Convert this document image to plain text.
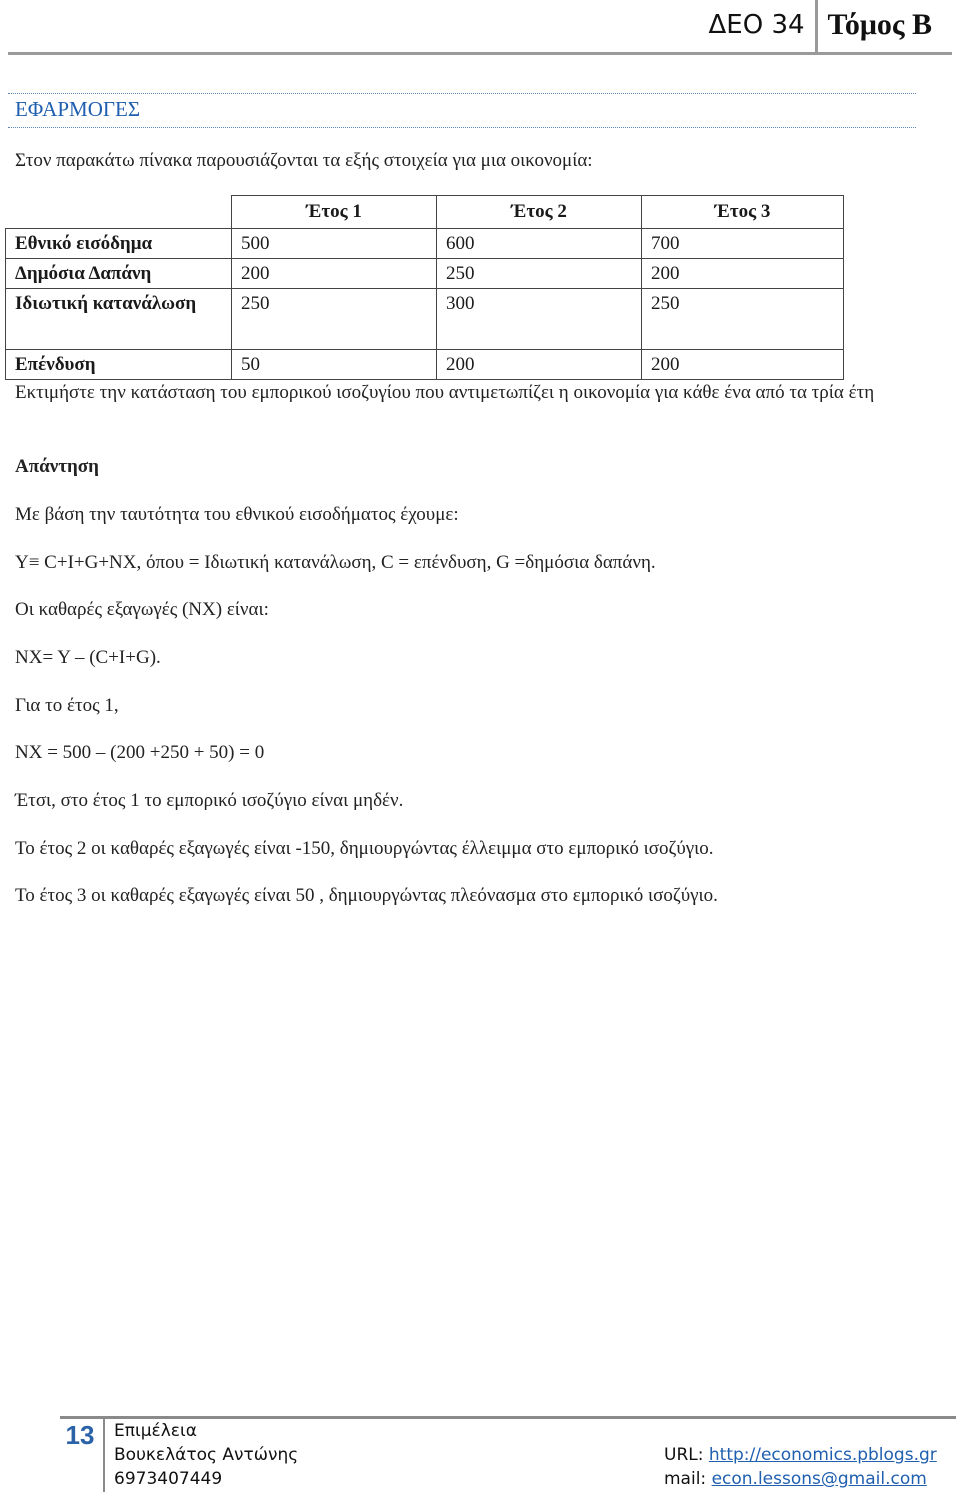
ΔΕΟ 34 Τόμος Β
ΕΦΑΡΜΟΓΕΣ
Στον παρακάτω πίνακα παρουσιάζονται τα εξής στοιχεία για μια οικονομία:
	Έτος 1	Έτος 2	Έτος 3
Εθνικό εισόδημα	500	600	700
Δημόσια Δαπάνη	200	250	200
Ιδιωτική κατανάλωση	250	300	250
Επένδυση	50	200	200
Εκτιμήστε την κατάσταση του εμπορικού ισοζυγίου που αντιμετωπίζει η οικονομία για κάθε ένα από τα τρία έτη
Απάντηση
Με βάση την ταυτότητα του εθνικού εισοδήματος έχουμε:
Y≡ C+I+G+NX, όπου = Ιδιωτική κατανάλωση, C = επένδυση, G =δημόσια δαπάνη.
Οι καθαρές εξαγωγές (NX) είναι:
NX= Y – (C+I+G).
Για το έτος 1,
NX = 500 – (200 +250 + 50) = 0
Έτσι, στο έτος 1 το εμπορικό ισοζύγιο είναι μηδέν.
Το έτος 2 οι καθαρές εξαγωγές είναι -150, δημιουργώντας έλλειμμα στο εμπορικό ισοζύγιο.
Το έτος 3 οι καθαρές εξαγωγές είναι 50 , δημιουργώντας πλεόνασμα στο εμπορικό ισοζύγιο.
13	Επιμέλεια
Βουκελάτος Αντώνης
6973407449
URL: http://economics.pblogs.gr
mail: econ.lessons@gmail.com
